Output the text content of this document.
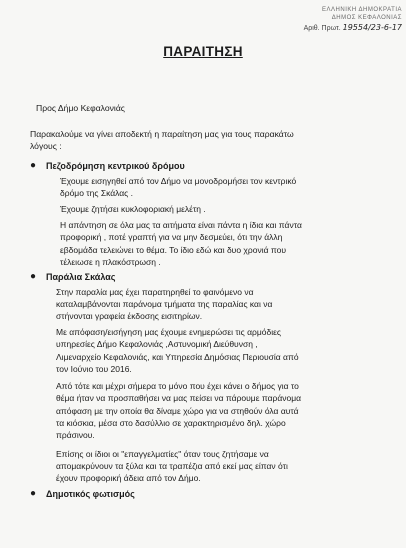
ΕΛΛΗΝΙΚΗ ΔΗΜΟΚΡΑΤΙΑ
ΔΗΜΟΣ ΚΕΦΑΛΟΝΙΑΣ
Αριθ. Πρωτ. 19554/23-6-17
ΠΑΡΑΙΤΗΣΗ
Προς Δήμο Κεφαλονιάς
Παρακαλούμε να γίνει αποδεκτή η παραίτηση μας για τους παρακάτω
λόγους :
● Πεζοδρόμηση κεντρικού δρόμου
Έχουμε εισηγηθεί από τον Δήμο να μονοδρομήσει τον κεντρικό
δρόμο της Σκάλας .
Έχουμε ζητήσει κυκλοφοριακή μελέτη .
Η απάντηση σε όλα μας τα αιτήματα είναι πάντα η ίδια και πάντα
προφορική , ποτέ γραπτή για να μην δεσμεύει, ότι την άλλη
εβδομάδα τελειώνει το θέμα. Το ίδιο εδώ και δυο χρονιά που
τέλειωσε η πλακόστρωση .
● Παράλια Σκάλας
Στην παραλία μας έχει παρατηρηθεί το φαινόμενο να
καταλαμβάνονται παράνομα τμήματα της παραλίας και να
στήνονται γραφεία έκδοσης εισιτηρίων.
Με απόφαση/εισήγηση μας έχουμε ενημερώσει τις αρμόδιες
υπηρεσίες Δήμο Κεφαλονιάς ,Αστυνομική Διεύθυνση ,
Λιμεναρχείο Κεφαλονιάς, και Υπηρεσία Δημόσιας Περιουσία από
τον Ιούνιο του 2016.
Από τότε και μέχρι σήμερα το μόνο που έχει κάνει ο δήμος για το
θέμα ήταν να προσπαθήσει να μας πείσει να πάρουμε παράνομα
απόφαση με την οποία θα δίναμε χώρο για να στηθούν όλα αυτά
τα κιόσκια, μέσα στο δασύλλιο σε χαρακτηρισμένο δηλ. χώρο
πράσινου.
Επίσης οι ίδιοι οι "επαγγελματίες" όταν τους ζητήσαμε να
απομακρύνουν τα ξύλα και τα τραπέζια από εκεί μας είπαν ότι
έχουν προφορική άδεια από τον Δήμο.
● Δημοτικός φωτισμός
